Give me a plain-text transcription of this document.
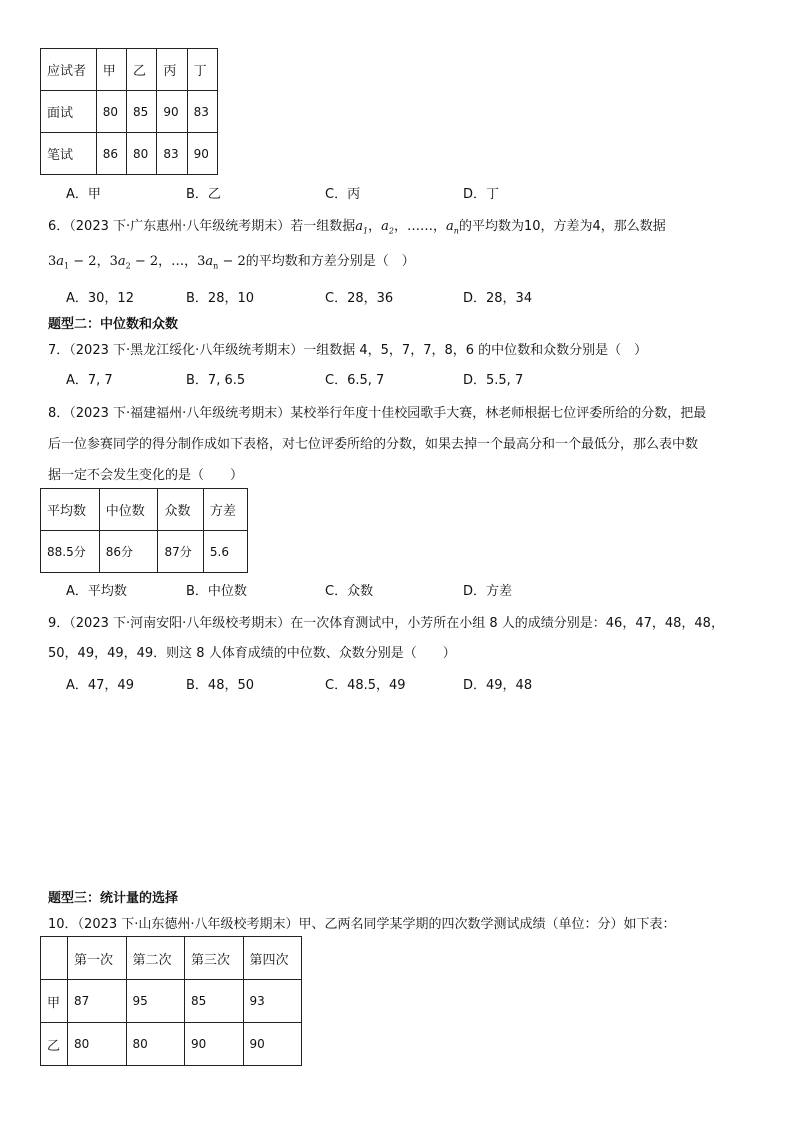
应试者	甲	乙	丙	丁
面试	80	85	90	83
笔试	86	80	83	90
A．甲	B．乙	C．丙	D．丁
6．（2023 下·广东惠州·八年级统考期末）若一组数据$a_1$，$a_2$，……，$a_n$的平均数为10，方差为4，那么数据
$3a_1 - 2$，$3a_2 - 2$，…，$3a_n - 2$的平均数和方差分别是（　）
A．30，12	B．28，10	C．28，36	D．28，34
题型二：中位数和众数
7．（2023 下·黑龙江绥化·八年级统考期末）一组数据 4，5，7，7，8，6 的中位数和众数分别是（　）
A．7, 7	B．7, 6.5	C．6.5, 7	D．5.5, 7
8．（2023 下·福建福州·八年级统考期末）某校举行年度十佳校园歌手大赛，林老师根据七位评委所给的分数，把最
后一位参赛同学的得分制作成如下表格，对七位评委所给的分数，如果去掉一个最高分和一个最低分，那么表中数
据一定不会发生变化的是（　　）
平均数	中位数	众数	方差
88.5分	86分	87分	5.6
A．平均数	B．中位数	C．众数	D．方差
9．（2023 下·河南安阳·八年级校考期末）在一次体育测试中，小芳所在小组 8 人的成绩分别是：46，47，48，48，
50，49，49，49．则这 8 人体育成绩的中位数、众数分别是（　　）
A．47，49	B．48，50	C．48.5，49	D．49，48
题型三：统计量的选择
10．（2023 下·山东德州·八年级校考期末）甲、乙两名同学某学期的四次数学测试成绩（单位：分）如下表：
	第一次	第二次	第三次	第四次
甲	87	95	85	93
乙	80	80	90	90
